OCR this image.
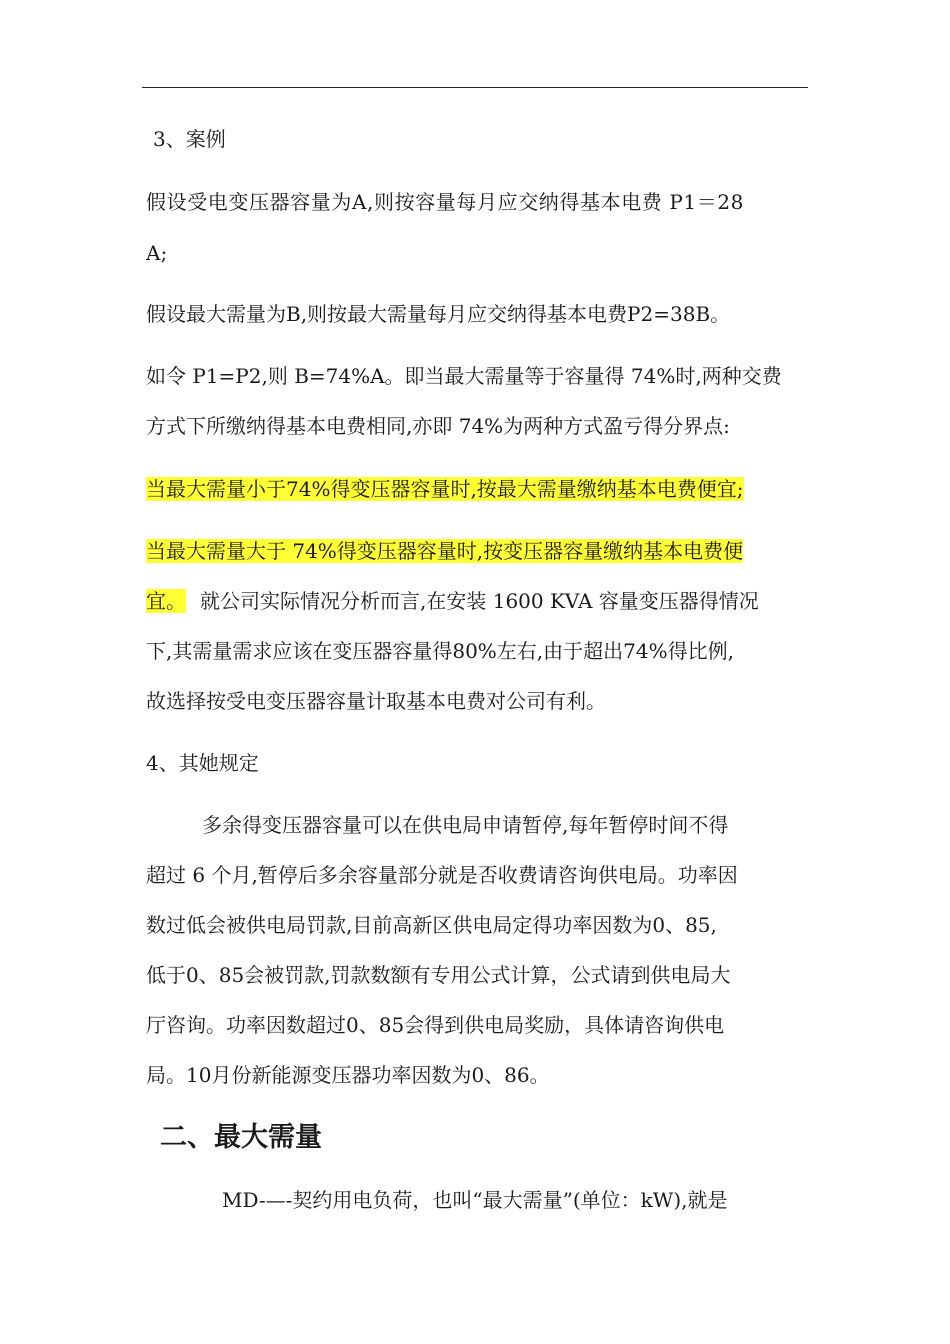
3、案例
假设受电变压器容量为A,则按容量每月应交纳得基本电费 P1＝28
A;
假设最大需量为B,则按最大需量每月应交纳得基本电费P2=38B。
如令 P1=P2,则 B=74%A。即当最大需量等于容量得 74%时,两种交费
方式下所缴纳得基本电费相同,亦即 74%为两种方式盈亏得分界点:
当最大需量小于74%得变压器容量时,按最大需量缴纳基本电费便宜;
当最大需量大于 74%得变压器容量时,按变压器容量缴纳基本电费便
宜。 就公司实际情况分析而言,在安装 1600 KVA 容量变压器得情况
下,其需量需求应该在变压器容量得80%左右,由于超出74%得比例,
故选择按受电变压器容量计取基本电费对公司有利。
4、其她规定
多余得变压器容量可以在供电局申请暂停,每年暂停时间不得
超过 6 个月,暂停后多余容量部分就是否收费请咨询供电局。功率因
数过低会被供电局罚款,目前高新区供电局定得功率因数为0、85,
低于0、85会被罚款,罚款数额有专用公式计算，公式请到供电局大
厅咨询。功率因数超过0、85会得到供电局奖励，具体请咨询供电
局。10月份新能源变压器功率因数为0、86。
二、最大需量
MD-—-契约用电负荷，也叫“最大需量”(单位：kW),就是
